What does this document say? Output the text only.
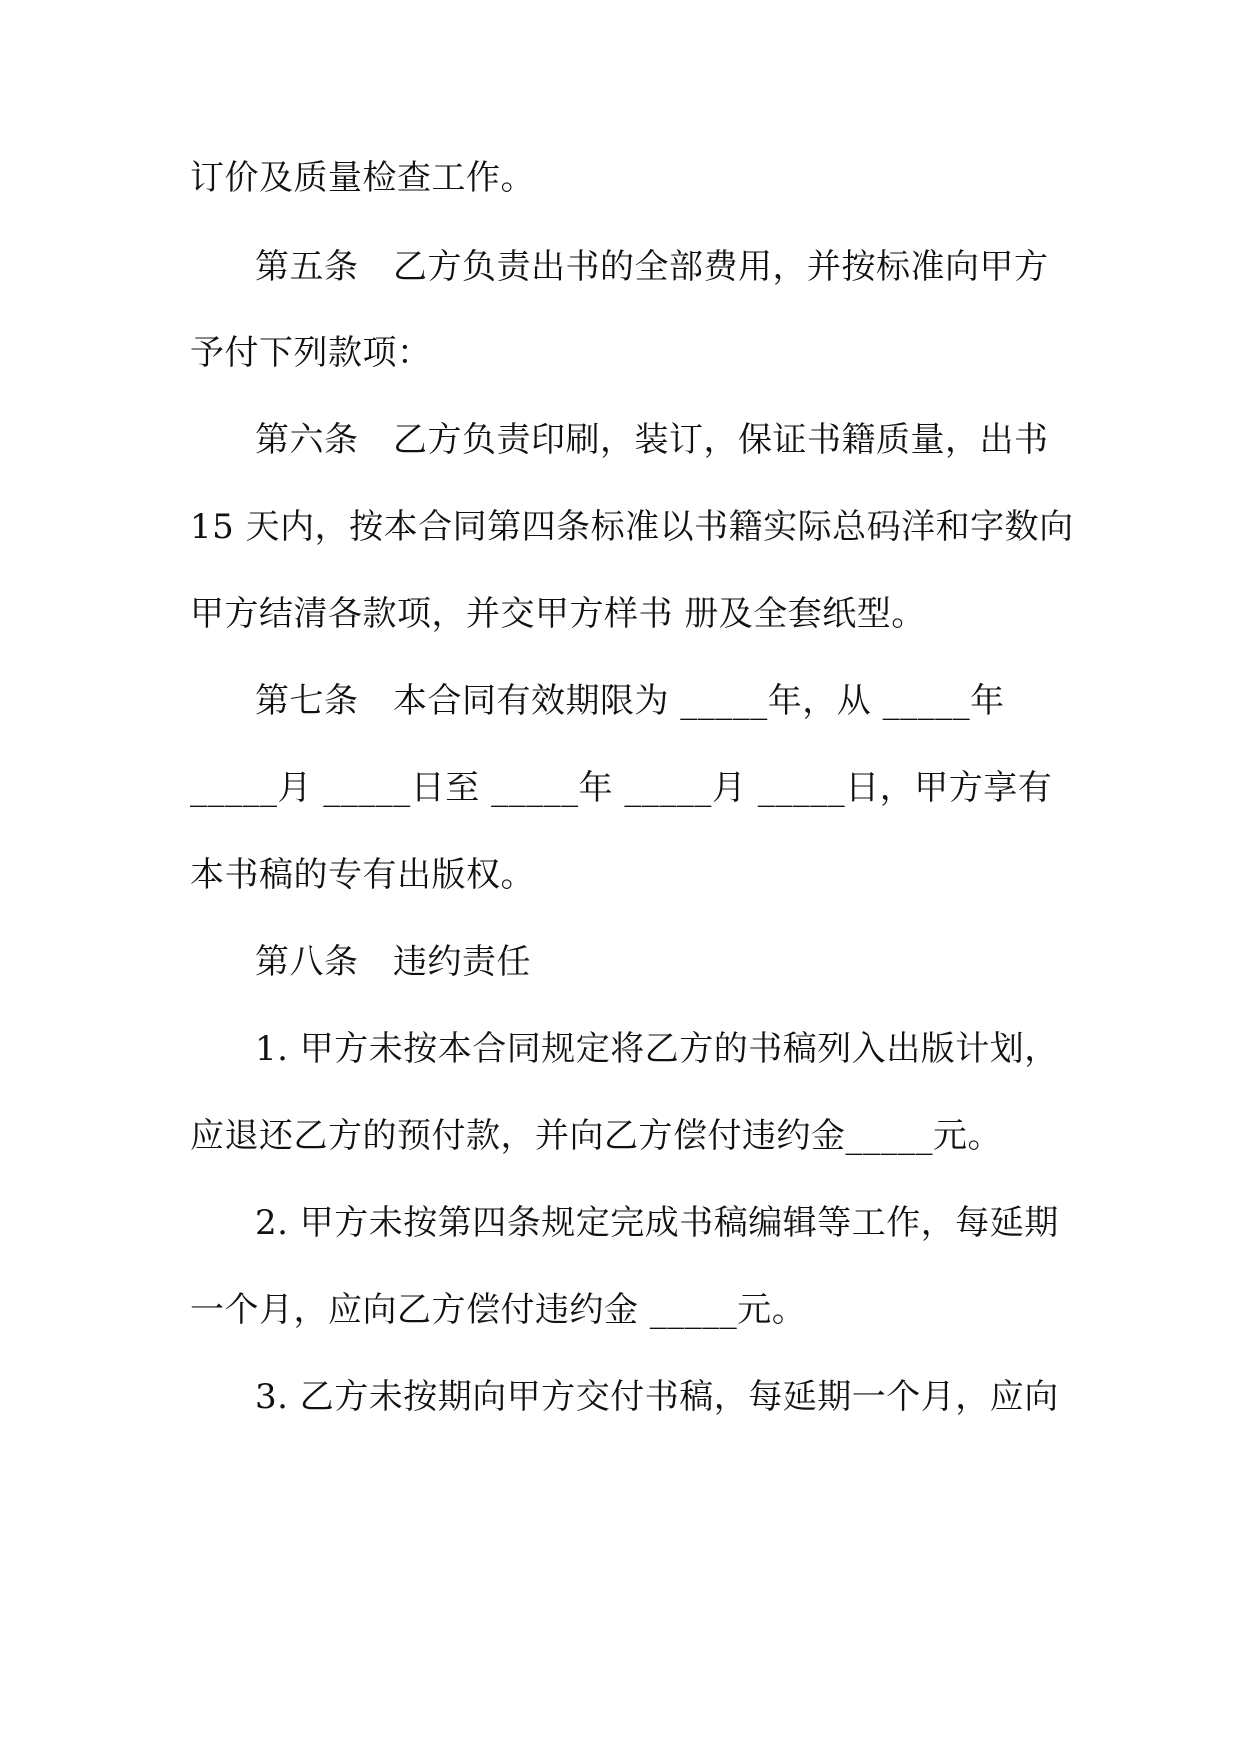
订价及质量检查工作。
第五条　乙方负责出书的全部费用，并按标准向甲方
予付下列款项：
第六条　乙方负责印刷，装订，保证书籍质量，出书
15 天内，按本合同第四条标准以书籍实际总码洋和字数向
甲方结清各款项，并交甲方样书 册及全套纸型。
第七条　本合同有效期限为 _____年，从 _____年
_____月 _____日至 _____年 _____月 _____日，甲方享有
本书稿的专有出版权。
第八条　违约责任
1. 甲方未按本合同规定将乙方的书稿列入出版计划，
应退还乙方的预付款，并向乙方偿付违约金_____元。
2. 甲方未按第四条规定完成书稿编辑等工作，每延期
一个月，应向乙方偿付违约金 _____元。
3. 乙方未按期向甲方交付书稿，每延期一个月，应向
